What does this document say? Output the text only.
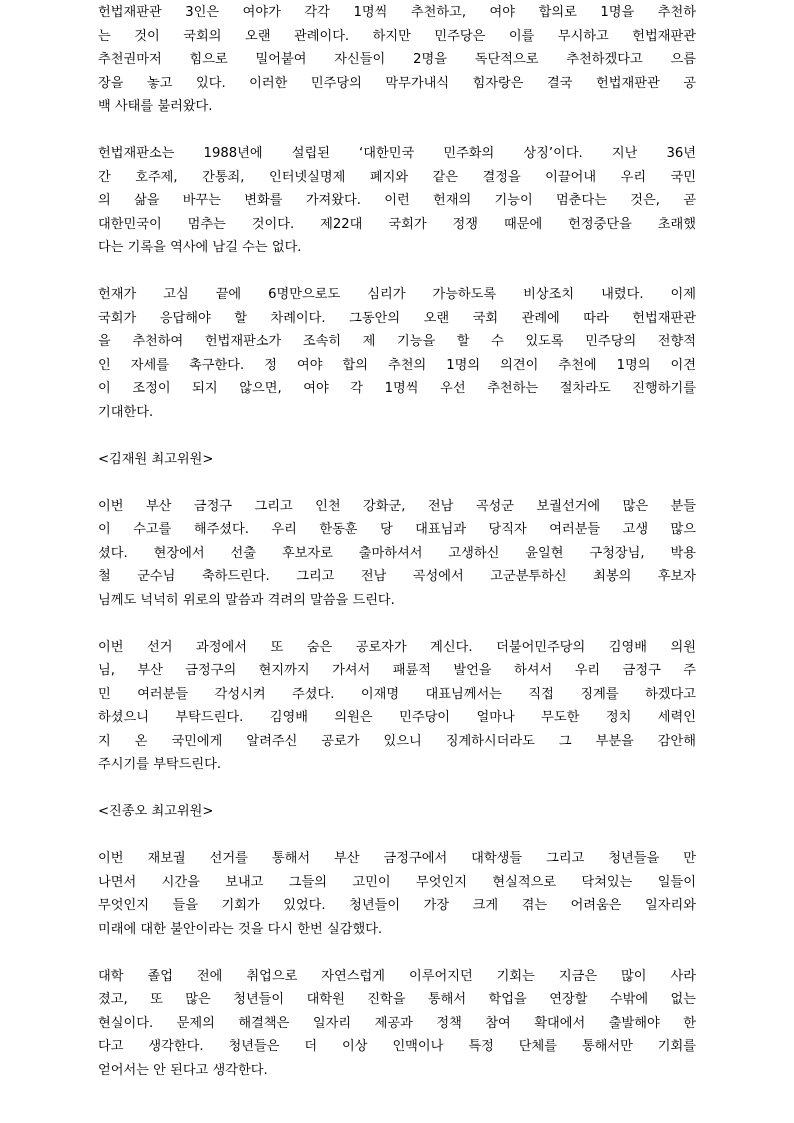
헌법재판관 3인은 여야가 각각 1명씩 추천하고, 여야 합의로 1명을 추천하
는 것이 국회의 오랜 관례이다. 하지만 민주당은 이를 무시하고 헌법재판관
추천권마저 힘으로 밀어붙여 자신들이 2명을 독단적으로 추천하겠다고 으름
장을 놓고 있다. 이러한 민주당의 막무가내식 힘자랑은 결국 헌법재판관 공
백 사태를 불러왔다.
헌법재판소는 1988년에 설립된 ‘대한민국 민주화의 상징’이다. 지난 36년
간 호주제, 간통죄, 인터넷실명제 폐지와 같은 결정을 이끌어내 우리 국민
의 삶을 바꾸는 변화를 가져왔다. 이런 헌재의 기능이 멈춘다는 것은, 곧
대한민국이 멈추는 것이다. 제22대 국회가 정쟁 때문에 헌정중단을 초래했
다는 기록을 역사에 남길 수는 없다.
헌재가 고심 끝에 6명만으로도 심리가 가능하도록 비상조치 내렸다. 이제
국회가 응답해야 할 차례이다. 그동안의 오랜 국회 관례에 따라 헌법재판관
을 추천하여 헌법재판소가 조속히 제 기능을 할 수 있도록 민주당의 전향적
인 자세를 촉구한다. 정 여야 합의 추천의 1명의 의견이 추천에 1명의 이견
이 조정이 되지 않으면, 여야 각 1명씩 우선 추천하는 절차라도 진행하기를
기대한다.

<김재원 최고위원>

이번 부산 금정구 그리고 인천 강화군, 전남 곡성군 보궐선거에 많은 분들
이 수고를 해주셨다. 우리 한동훈 당 대표님과 당직자 여러분들 고생 많으
셨다. 현장에서 선출 후보자로 출마하셔서 고생하신 윤일현 구청장님, 박용
철 군수님 축하드린다. 그리고 전남 곡성에서 고군분투하신 최봉의 후보자
님께도 넉넉히 위로의 말씀과 격려의 말씀을 드린다.
이번 선거 과정에서 또 숨은 공로자가 계신다. 더불어민주당의 김영배 의원
님, 부산 금정구의 현지까지 가셔서 패륜적 발언을 하셔서 우리 금정구 주
민 여러분들 각성시켜 주셨다. 이재명 대표님께서는 직접 징계를 하겠다고
하셨으니 부탁드린다. 김영배 의원은 민주당이 얼마나 무도한 정치 세력인
지 온 국민에게 알려주신 공로가 있으니 징계하시더라도 그 부분을 감안해
주시기를 부탁드린다.

<진종오 최고위원>

이번 재보궐 선거를 통해서 부산 금정구에서 대학생들 그리고 청년들을 만
나면서 시간을 보내고 그들의 고민이 무엇인지 현실적으로 닥쳐있는 일들이
무엇인지 들을 기회가 있었다. 청년들이 가장 크게 겪는 어려움은 일자리와
미래에 대한 불안이라는 것을 다시 한번 실감했다.
대학 졸업 전에 취업으로 자연스럽게 이루어지던 기회는 지금은 많이 사라
졌고, 또 많은 청년들이 대학원 진학을 통해서 학업을 연장할 수밖에 없는
현실이다. 문제의 해결책은 일자리 제공과 정책 참여 확대에서 출발해야 한
다고 생각한다. 청년들은 더 이상 인맥이나 특정 단체를 통해서만 기회를
얻어서는 안 된다고 생각한다.
